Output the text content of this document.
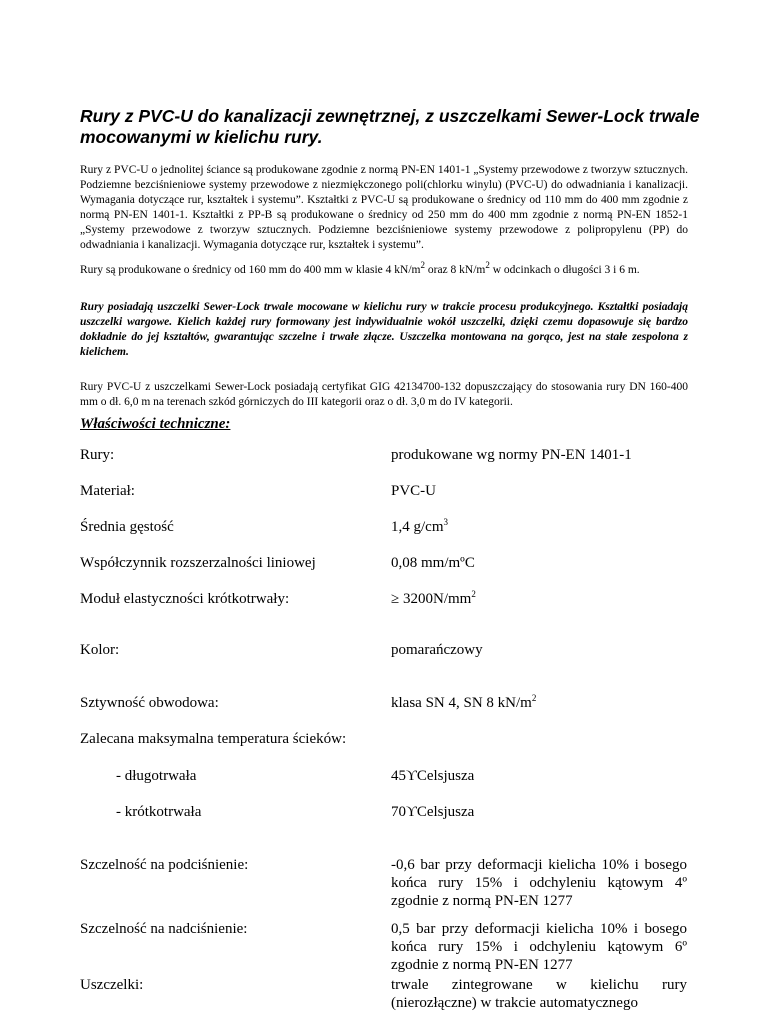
Rury z PVC-U do kanalizacji zewnętrznej, z uszczelkami Sewer-Lock trwale mocowanymi w kielichu rury.

Rury z PVC-U o jednolitej ściance są produkowane zgodnie z normą PN-EN 1401-1 „Systemy przewodowe z tworzyw sztucznych. Podziemne bezciśnieniowe systemy przewodowe z niezmiękczonego poli(chlorku winylu) (PVC-U) do odwadniania i kanalizacji. Wymagania dotyczące rur, kształtek i systemu”. Kształtki z PVC-U są produkowane o średnicy od 110 mm do 400 mm zgodnie z normą PN-EN 1401-1. Kształtki z PP-B są produkowane o średnicy od 250 mm do 400 mm zgodnie z normą PN-EN 1852-1 „Systemy przewodowe z tworzyw sztucznych. Podziemne bezciśnieniowe systemy przewodowe z polipropylenu (PP) do odwadniania i kanalizacji. Wymagania dotyczące rur, kształtek i systemu”.

Rury są produkowane o średnicy od 160 mm do 400 mm w klasie 4 $kN/m^2$ oraz 8 $kN/m^2$ w odcinkach o długości 3 i 6 m.

Rury posiadają uszczelki Sewer-Lock trwale mocowane w kielichu rury w trakcie procesu produkcyjnego. Kształtki posiadają uszczelki wargowe. Kielich każdej rury formowany jest indywidualnie wokół uszczelki, dzięki czemu dopasowuje się bardzo dokładnie do jej kształtów, gwarantując szczelne i trwałe złącze. Uszczelka montowana na gorąco, jest na stałe zespolona z kielichem.

Rury PVC-U z uszczelkami Sewer-Lock posiadają certyfikat GIG 42134700-132 dopuszczający do stosowania rury DN 160-400 mm o dł. 6,0 m na terenach szkód górniczych do III kategorii oraz o dł. 3,0 m do IV kategorii.

Właściwości techniczne:
Rury:	produkowane wg normy PN-EN 1401-1
Materiał:	PVC-U
Średnia gęstość	1,4 $g/cm^3$
Współczynnik rozszerzalności liniowej	0,08 mm/mºC
Moduł elastyczności krótkotrwały:	≥ $3200N/mm^2$
Kolor:	pomarańczowy
Sztywność obwodowa:	klasa SN 4, SN 8 $kN/m^2$
Zalecana maksymalna temperatura ścieków:
- długotrwała	45ϒCelsjusza
- krótkotrwała	70ϒCelsjusza
Szczelność na podciśnienie:	-0,6 bar przy deformacji kielicha 10% i bosego końca rury 15% i odchyleniu kątowym 4º zgodnie z normą PN-EN 1277
Szczelność na nadciśnienie:	0,5 bar przy deformacji kielicha 10% i bosego końca rury 15% i odchyleniu kątowym 6º zgodnie z normą PN-EN 1277
Uszczelki:	trwale zintegrowane w kielichu rury (nierozłączne) w trakcie automatycznego
